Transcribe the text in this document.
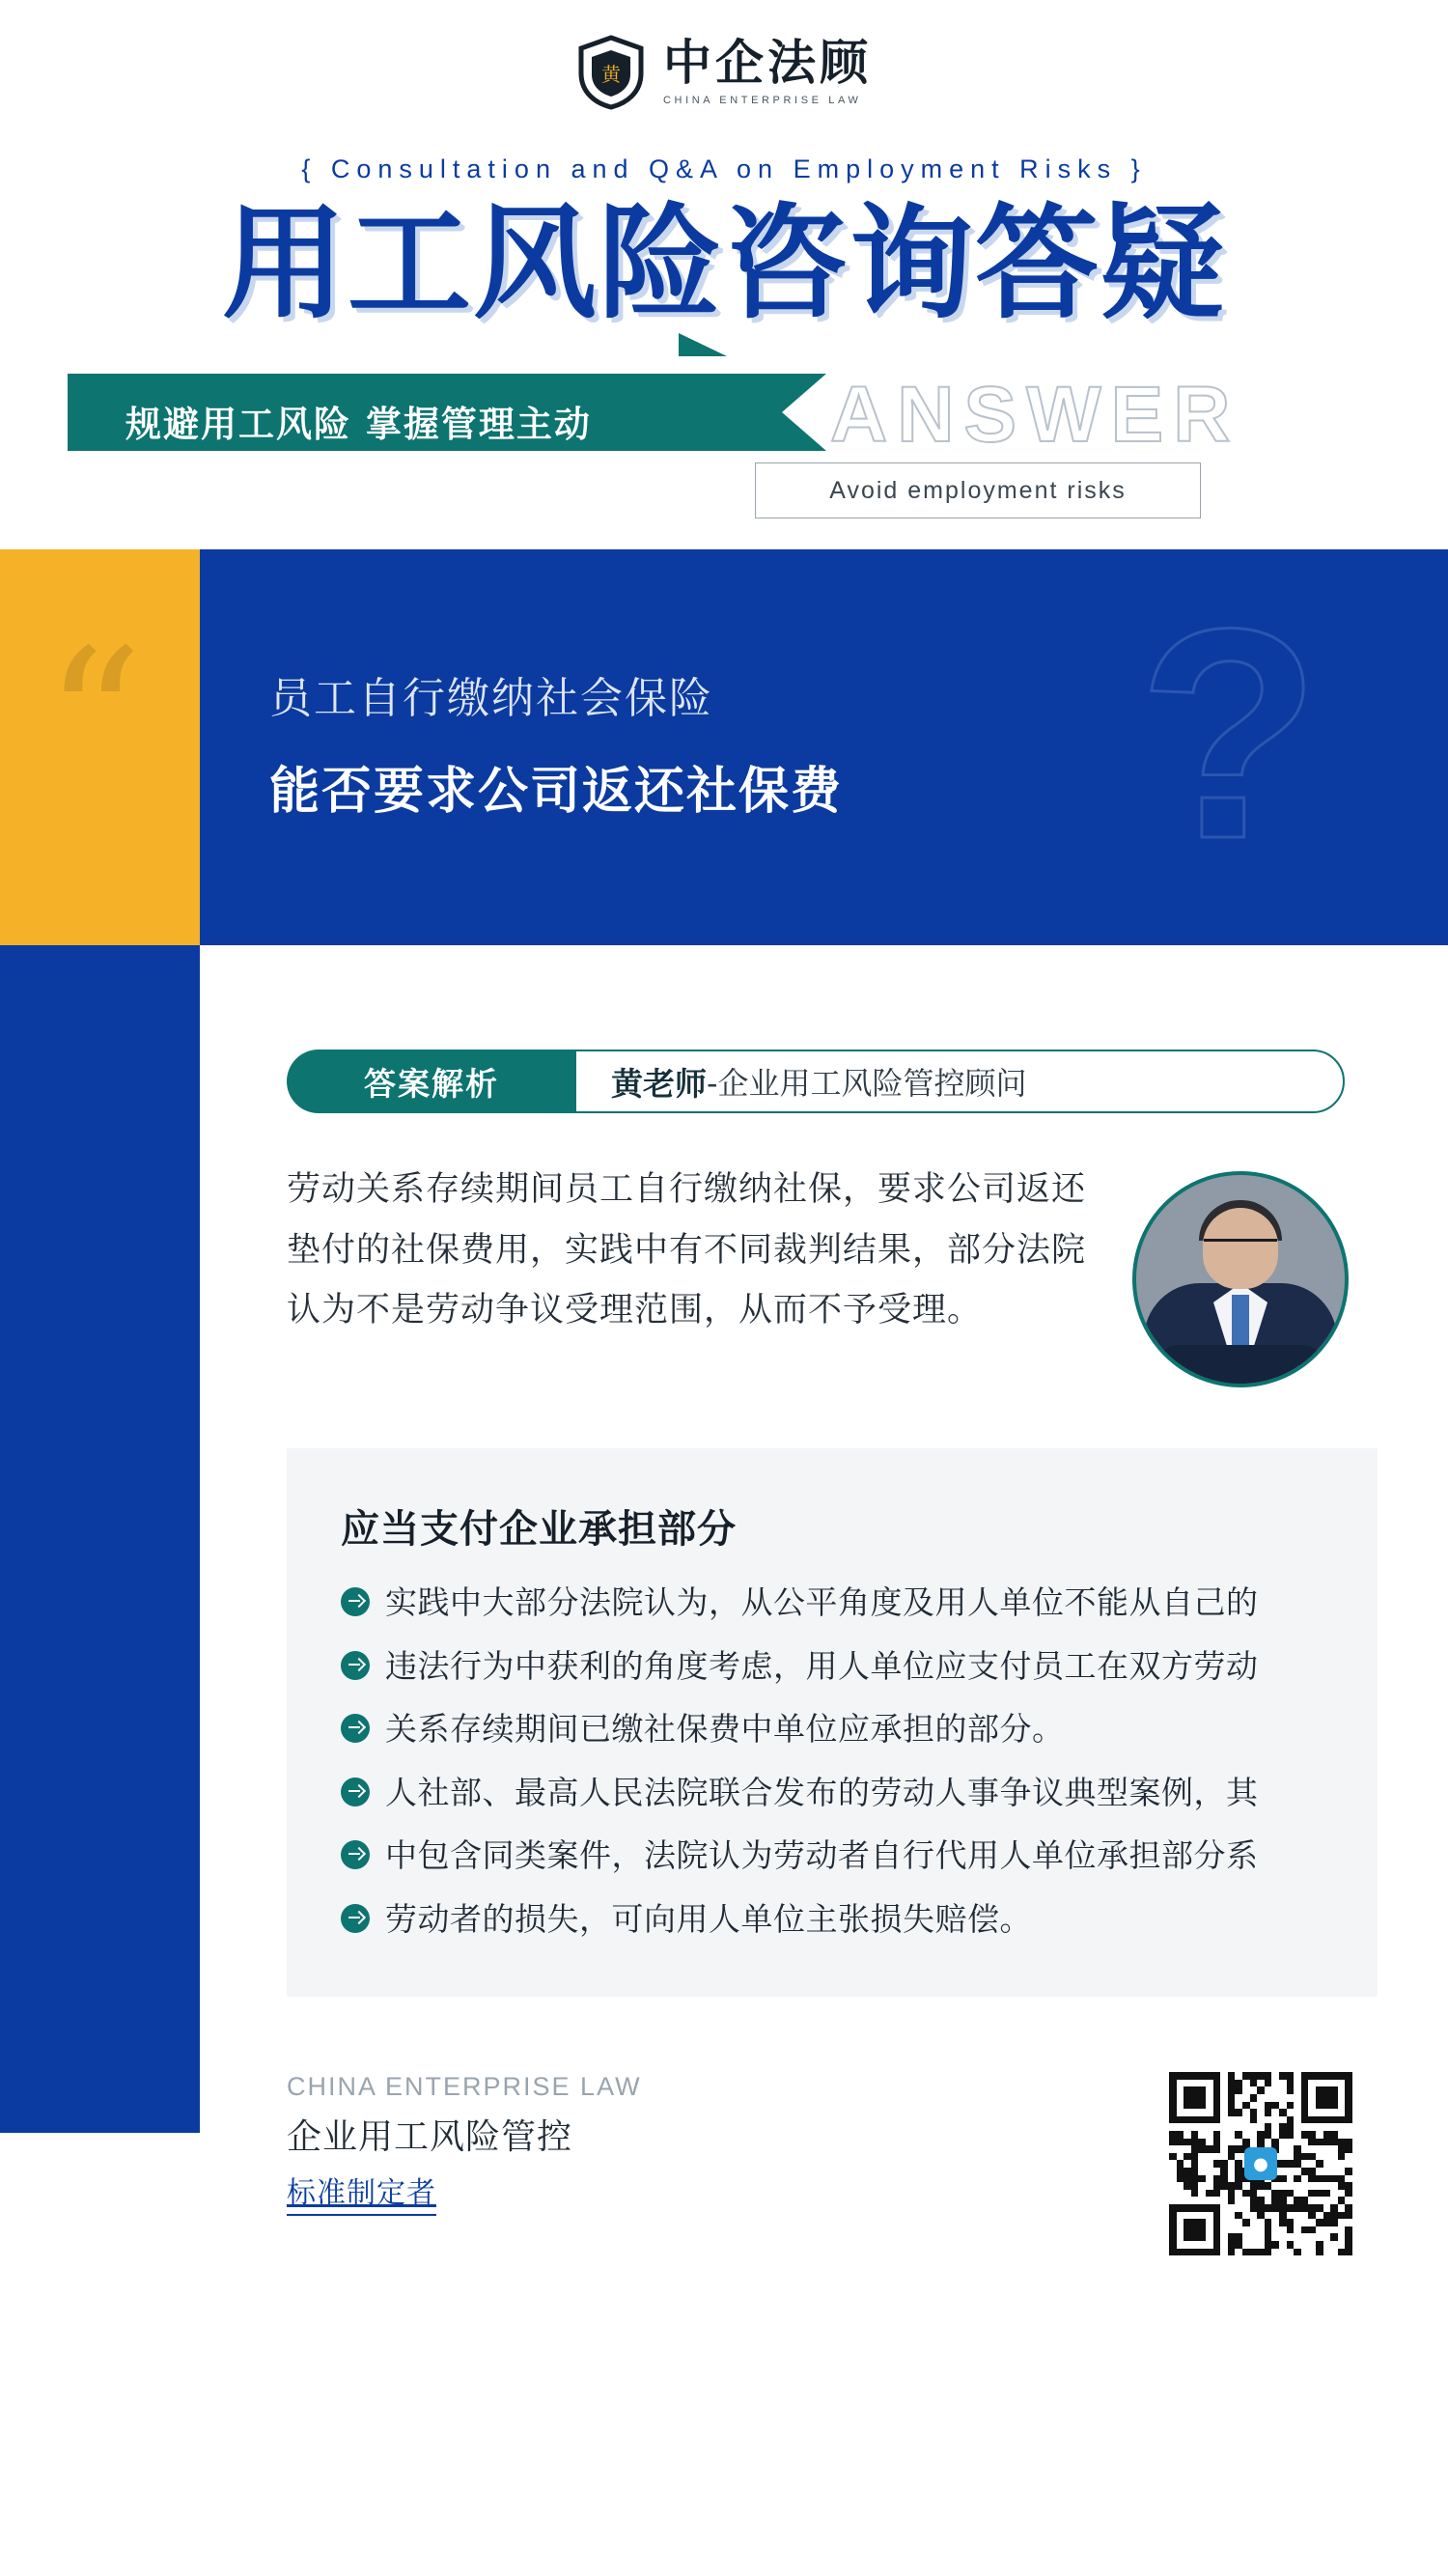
黄 中企法顾
CHINA ENTERPRISE LAW
{ Consultation and Q&A on Employment Risks }
用工风险咨询答疑
规避用工风险 掌握管理主动	ANSWER
Avoid employment risks
“	?
员工自行缴纳社会保险
能否要求公司返还社保费
答案解析	黄老师 -企业用工风险管控顾问
劳动关系存续期间员工自行缴纳社保，要求公司返还垫付的社保费用，实践中有不同裁判结果，部分法院认为不是劳动争议受理范围，从而不予受理。
应当支付企业承担部分
实践中大部分法院认为，从公平角度及用人单位不能从自己的
违法行为中获利的角度考虑，用人单位应支付员工在双方劳动
关系存续期间已缴社保费中单位应承担的部分。
人社部、最高人民法院联合发布的劳动人事争议典型案例，其
中包含同类案件，法院认为劳动者自行代用人单位承担部分系
劳动者的损失，可向用人单位主张损失赔偿。
CHINA ENTERPRISE LAW
企业用工风险管控
标准制定者
●
